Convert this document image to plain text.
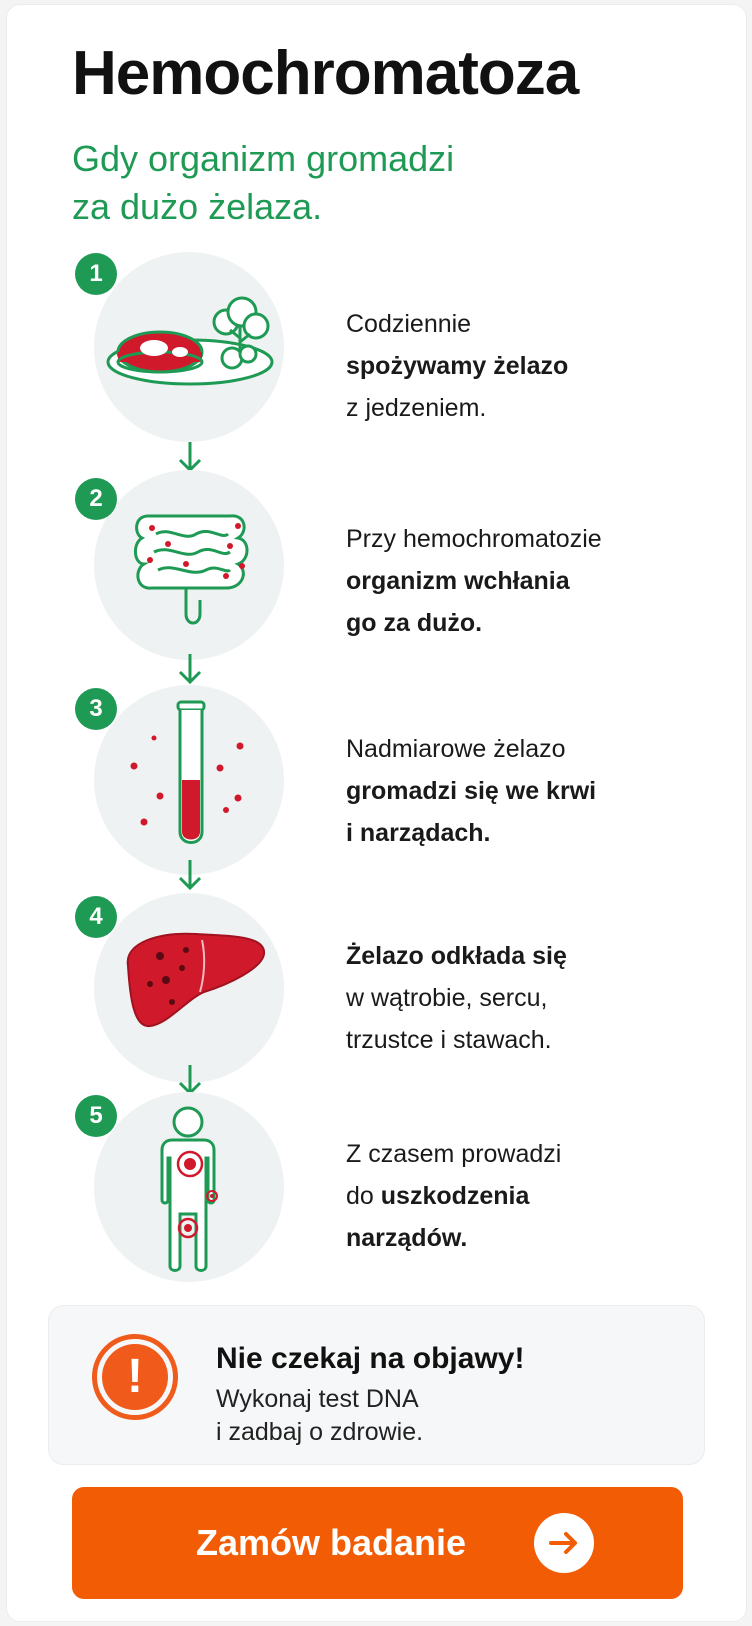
Hemochromatoza
Gdy organizm gromadzi
za dużo żelaza.
1
Codziennie
spożywamy żelazo
z jedzeniem.
2
Przy hemochromatozie
organizm wchłania
go za dużo.
3
Nadmiarowe żelazo
gromadzi się we krwi
i narządach.
4
Żelazo odkłada się
w wątrobie, sercu,
trzustce i stawach.
5
Z czasem prowadzi
do uszkodzenia
narządów.
!	Nie czekaj na objawy!
Wykonaj test DNA
i zadbaj o zdrowie.
Zamów badanie
